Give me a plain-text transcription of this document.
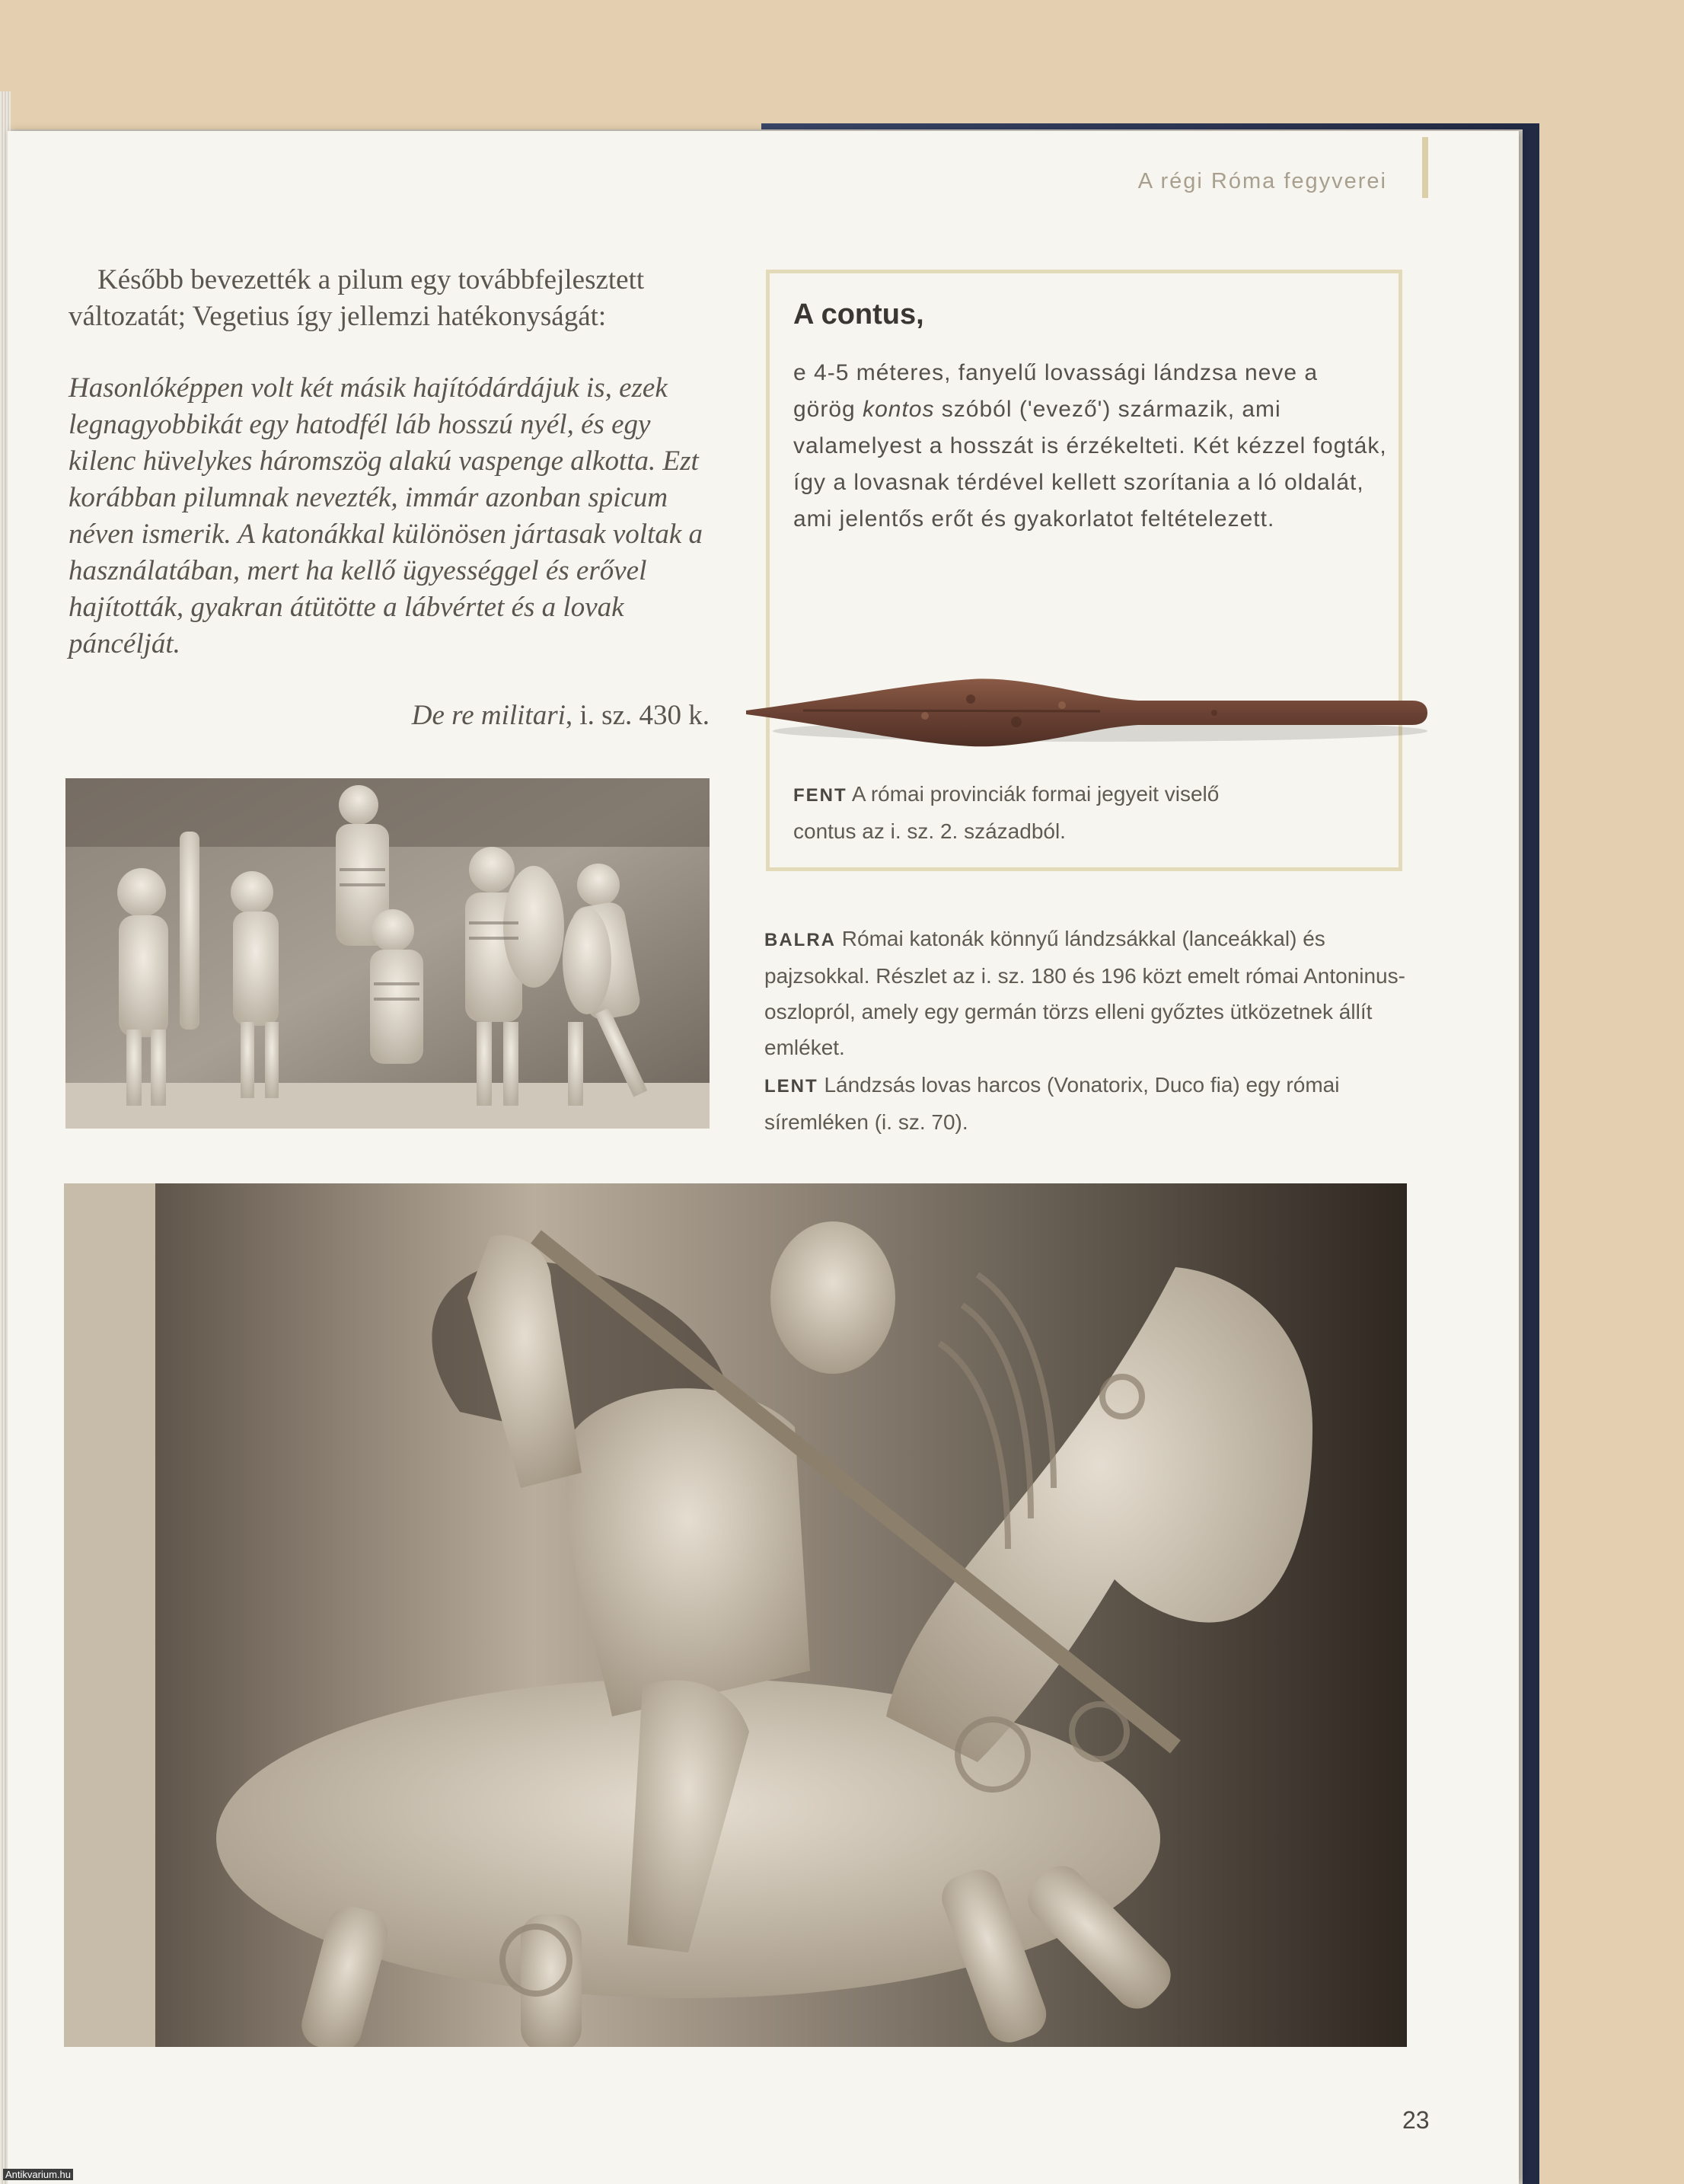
A régi Róma fegyverei

Később bevezették a pilum egy továbbfejlesztett változatát; Vegetius így jellemzi hatékonyságát:

Hasonlóképpen volt két másik hajítódárdájuk is, ezek legnagyobbikát egy hatodfél láb hosszú nyél, és egy kilenc hüvelykes háromszög alakú vaspenge alkotta. Ezt korábban pilumnak nevezték, immár azonban spicum néven ismerik. A katonákkal különösen jártasak voltak a használatában, mert ha kellő ügyességgel és erővel hajították, gyakran átütötte a lábvértet és a lovak páncélját.

De re militari, i. sz. 430 k.
A contus,
e 4-5 méteres, fanyelű lovassági lándzsa neve a görög kontos szóból ('evező') származik, ami valamelyest a hosszát is érzékelteti. Két kézzel fogták, így a lovasnak térdével kellett szorítania a ló oldalát, ami jelentős erőt és gyakorlatot feltételezett.
FENT A római provinciák formai jegyeit viselő contus az i. sz. 2. századból.
BALRA Római katonák könnyű lándzsákkal (lanceákkal) és pajzsokkal. Részlet az i. sz. 180 és 196 közt emelt római Antoninus-oszlopról, amely egy germán törzs elleni győztes ütközetnek állít emléket.
LENT Lándzsás lovas harcos (Vonatorix, Duco fia) egy római síremléken (i. sz. 70).
23
Antikvarium.hu
